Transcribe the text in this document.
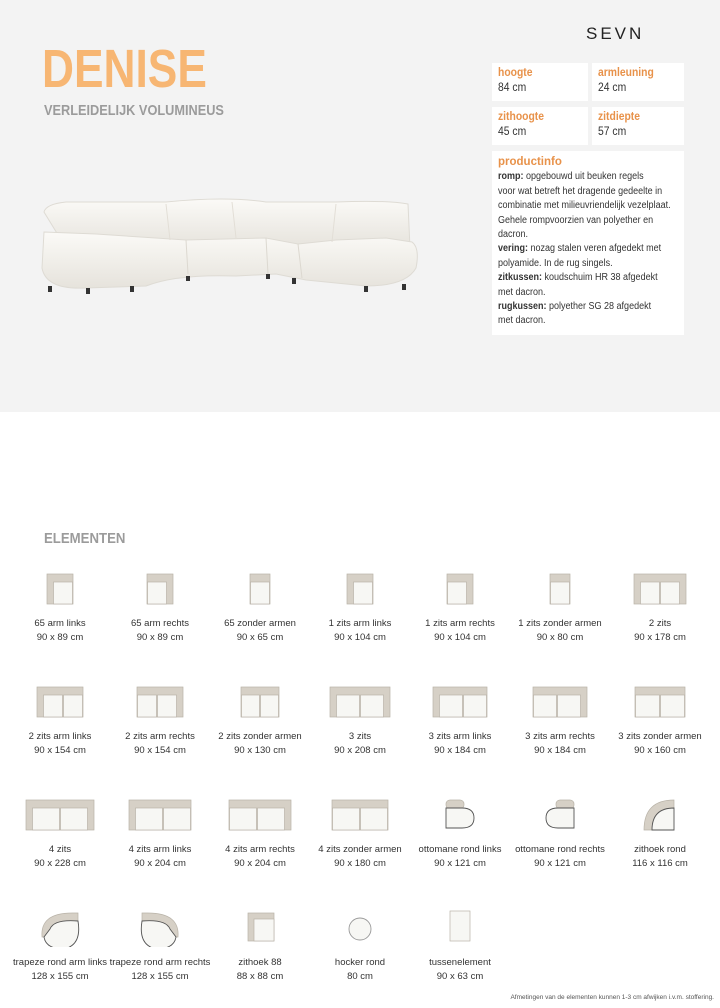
DENISE
VERLEIDELIJK VOLUMINEUS
SEVN
hoogte
84 cm
armleuning
24 cm
zithoogte
45 cm
zitdiepte
57 cm
productinfo
romp: opgebouwd uit beuken regels
voor wat betreft het dragende gedeelte in
combinatie met milieuvriendelijk vezelplaat.
Gehele rompvoorzien van polyether en
dacron.
vering: nozag stalen veren afgedekt met
polyamide. In de rug singels.
zitkussen: koudschuim HR 38 afgedekt
met dacron.
rugkussen: polyether SG 28 afgedekt
met dacron.
ELEMENTEN
65 arm links
90 x 89 cm
65 arm rechts
90 x 89 cm
65 zonder armen
90 x 65 cm
1 zits arm links
90 x 104 cm
1 zits arm rechts
90 x 104 cm
1 zits zonder armen
90 x 80 cm
2 zits
90 x 178 cm
2 zits arm links
90 x 154 cm
2 zits arm rechts
90 x 154 cm
2 zits zonder armen
90 x 130 cm
3 zits
90 x 208 cm
3 zits arm links
90 x 184 cm
3 zits arm rechts
90 x 184 cm
3 zits zonder armen
90 x 160 cm
4 zits
90 x 228 cm
4 zits arm links
90 x 204 cm
4 zits arm rechts
90 x 204 cm
4 zits zonder armen
90 x 180 cm
ottomane rond links
90 x 121 cm
ottomane rond rechts
90 x 121 cm
zithoek rond
116 x 116 cm
trapeze rond arm links
128 x 155 cm
trapeze rond arm rechts
128 x 155 cm
zithoek 88
88 x 88 cm
hocker rond
80 cm
tussenelement
90 x 63 cm
Afmetingen van de elementen kunnen 1-3 cm afwijken i.v.m. stoffering.
